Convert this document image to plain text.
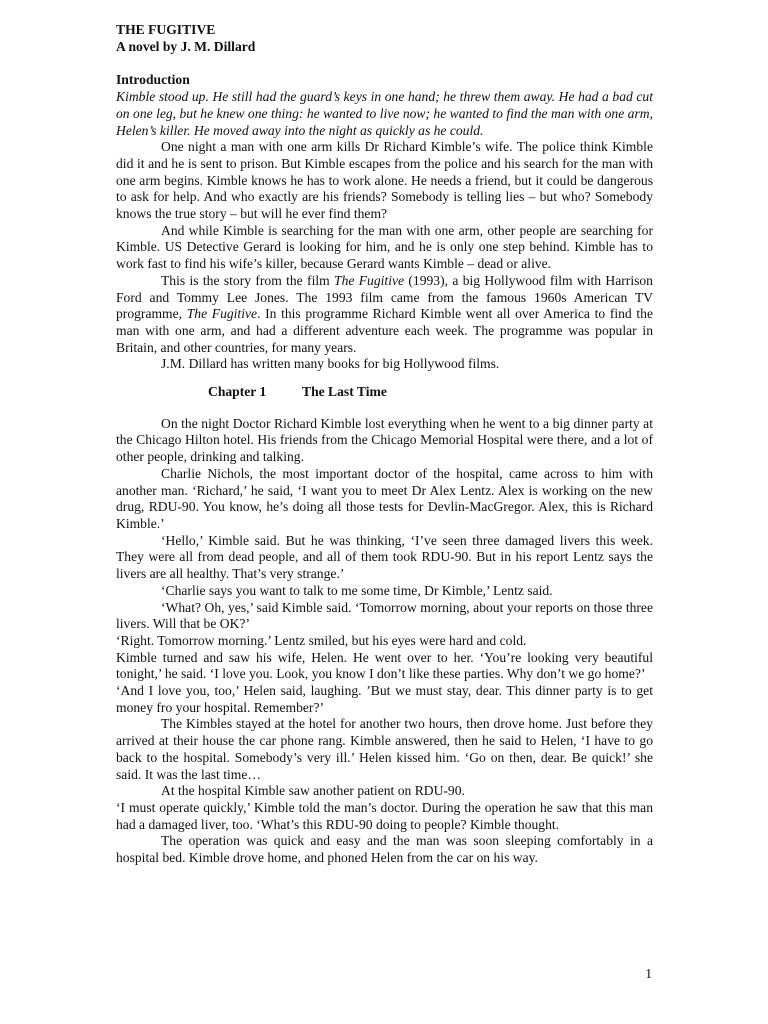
THE FUGITIVE
A novel by J. M. Dillard
Introduction
Kimble stood up. He still had the guard’s keys in one hand; he threw them away. He had a bad cut on one leg, but he knew one thing: he wanted to live now; he wanted to find the man with one arm, Helen’s killer. He moved away into the night as quickly as he could.

One night a man with one arm kills Dr Richard Kimble’s wife. The police think Kimble did it and he is sent to prison. But Kimble escapes from the police and his search for the man with one arm begins. Kimble knows he has to work alone. He needs a friend, but it could be dangerous to ask for help. And who exactly are his friends? Somebody is telling lies – but who? Somebody knows the true story – but will he ever find them?

And while Kimble is searching for the man with one arm, other people are searching for Kimble. US Detective Gerard is looking for him, and he is only one step behind. Kimble has to work fast to find his wife’s killer, because Gerard wants Kimble – dead or alive.

This is the story from the film The Fugitive (1993), a big Hollywood film with Harrison Ford and Tommy Lee Jones. The 1993 film came from the famous 1960s American TV programme, The Fugitive. In this programme Richard Kimble went all over America to find the man with one arm, and had a different adventure each week. The programme was popular in Britain, and other countries, for many years.

J.M. Dillard has written many books for big Hollywood films.

Chapter 1	The Last Time

On the night Doctor Richard Kimble lost everything when he went to a big dinner party at the Chicago Hilton hotel. His friends from the Chicago Memorial Hospital were there, and a lot of other people, drinking and talking.

Charlie Nichols, the most important doctor of the hospital, came across to him with another man. ‘Richard,’ he said, ‘I want you to meet Dr Alex Lentz. Alex is working on the new drug, RDU-90. You know, he’s doing all those tests for Devlin-MacGregor. Alex, this is Richard Kimble.’

‘Hello,’ Kimble said. But he was thinking, ‘I’ve seen three damaged livers this week. They were all from dead people, and all of them took RDU-90. But in his report Lentz says the livers are all healthy. That’s very strange.’

‘Charlie says you want to talk to me some time, Dr Kimble,’ Lentz said.

‘What? Oh, yes,’ said Kimble said. ‘Tomorrow morning, about your reports on those three livers. Will that be OK?’

‘Right. Tomorrow morning.’ Lentz smiled, but his eyes were hard and cold.

Kimble turned and saw his wife, Helen. He went over to her. ‘You’re looking very beautiful tonight,’ he said. ‘I love you. Look, you know I don’t like these parties. Why don’t we go home?’

‘And I love you, too,’ Helen said, laughing. ’But we must stay, dear. This dinner party is to get money fro your hospital. Remember?’

The Kimbles stayed at the hotel for another two hours, then drove home. Just before they arrived at their house the car phone rang. Kimble answered, then he said to Helen, ‘I have to go back to the hospital. Somebody’s very ill.’ Helen kissed him. ‘Go on then, dear. Be quick!’ she said. It was the last time…

At the hospital Kimble saw another patient on RDU-90.

‘I must operate quickly,’ Kimble told the man’s doctor. During the operation he saw that this man had a damaged liver, too. ‘What’s this RDU-90 doing to people? Kimble thought.

The operation was quick and easy and the man was soon sleeping comfortably in a hospital bed. Kimble drove home, and phoned Helen from the car on his way.

1
